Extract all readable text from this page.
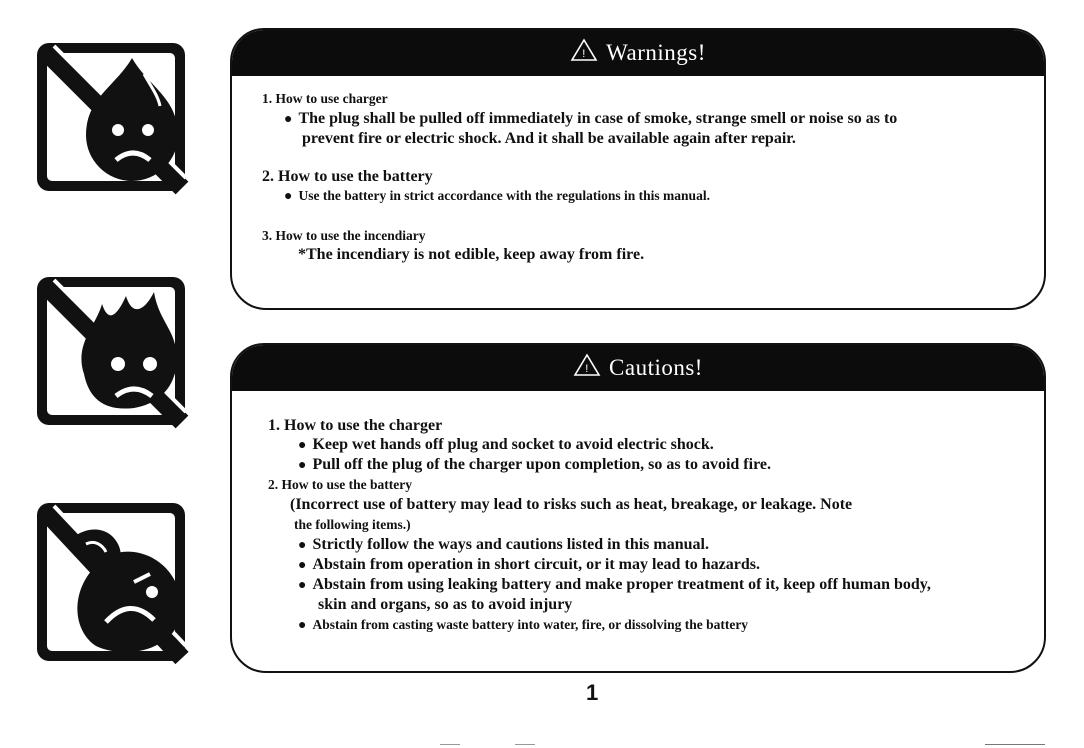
! Warnings!
1. How to use charger
● The plug shall be pulled off immediately in case of smoke, strange smell or noise so as to
prevent fire or electric shock. And it shall be available again after repair.
2. How to use the battery
● Use the battery in strict accordance with the regulations in this manual.
3. How to use the incendiary
*The incendiary is not edible, keep away from fire.
! Cautions!
1. How to use the charger
● Keep wet hands off plug and socket to avoid electric shock.
● Pull off the plug of the charger upon completion, so as to avoid fire.
2. How to use the battery
(Incorrect use of battery may lead to risks such as heat, breakage, or leakage. Note
the following items.)
● Strictly follow the ways and cautions listed in this manual.
● Abstain from operation in short circuit, or it may lead to hazards.
● Abstain from using leaking battery and make proper treatment of it, keep off human body,
skin and organs, so as to avoid injury
● Abstain from casting waste battery into water, fire, or dissolving the battery
1
